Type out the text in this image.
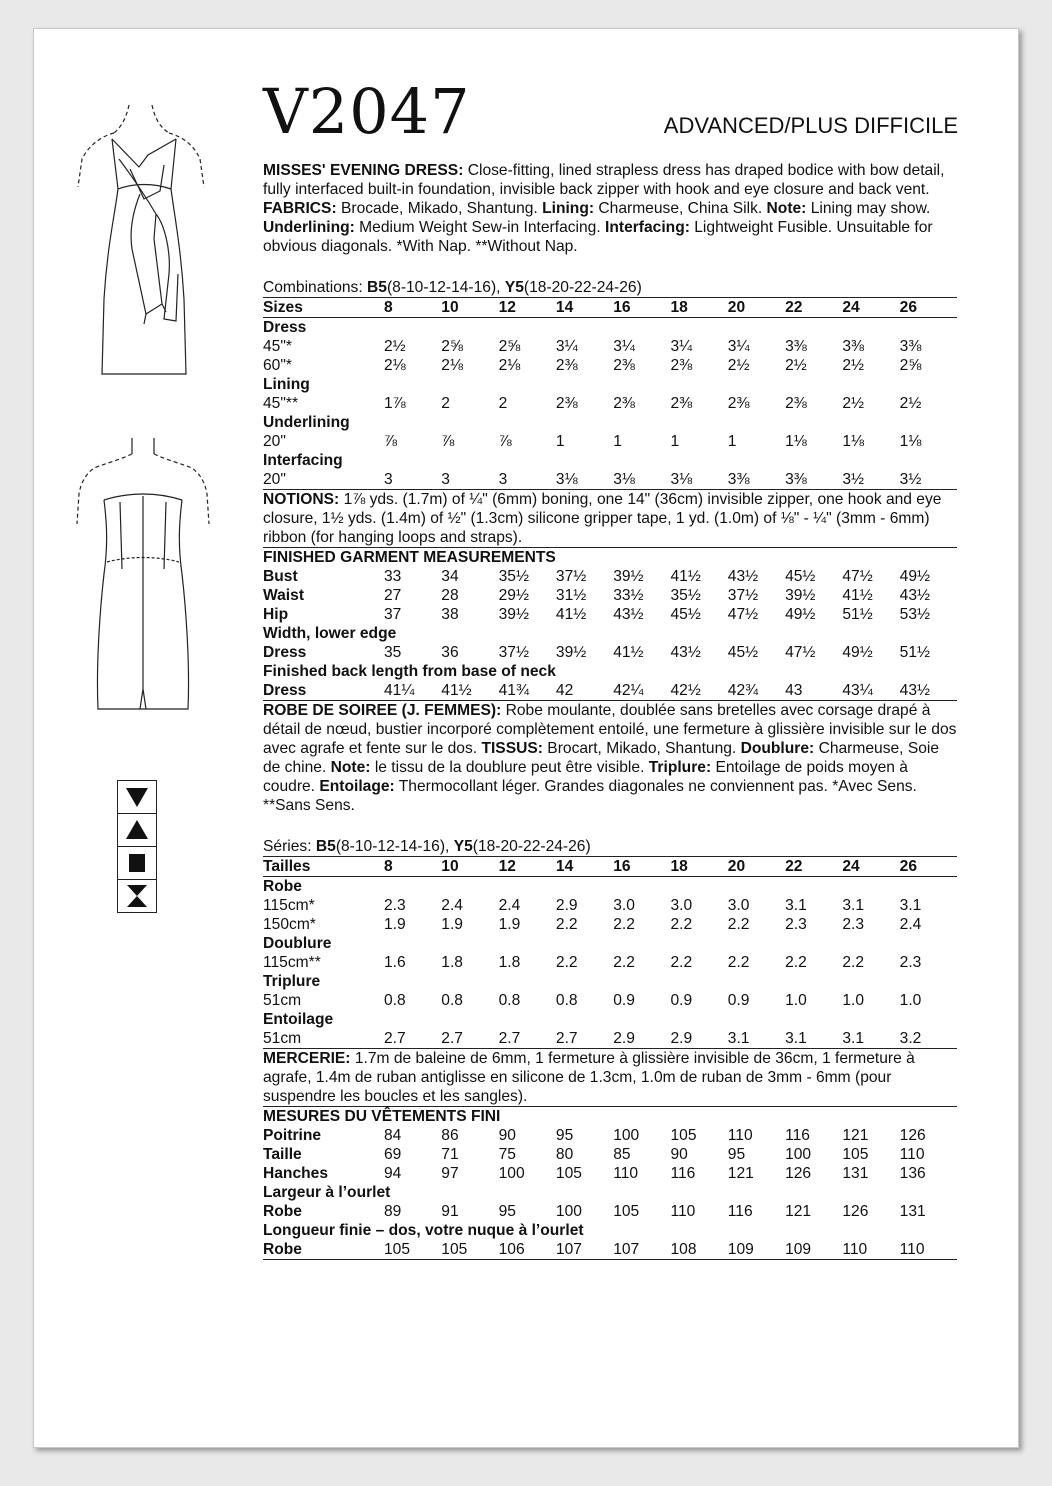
V2047	ADVANCED/PLUS DIFFICILE

MISSES' EVENING DRESS: Close-fitting, lined strapless dress has draped bodice with bow detail, fully interfaced built-in foundation, invisible back zipper with hook and eye closure and back vent. FABRICS: Brocade, Mikado, Shantung. Lining: Charmeuse, China Silk. Note: Lining may show. Underlining: Medium Weight Sew-in Interfacing. Interfacing: Lightweight Fusible. Unsuitable for obvious diagonals. *With Nap. **Without Nap.

Combinations: B5(8-10-12-14-16), Y5(18-20-22-24-26)

Sizes	8	10	12	14	16	18	20	22	24	26
Dress										
45"*	2½	2⅝	2⅝	3¼	3¼	3¼	3¼	3⅜	3⅜	3⅜
60"*	2⅛	2⅛	2⅛	2⅜	2⅜	2⅜	2½	2½	2½	2⅝
Lining										
45"**	1⅞	2	2	2⅜	2⅜	2⅜	2⅜	2⅜	2½	2½
Underlining										
20"	⅞	⅞	⅞	1	1	1	1	1⅛	1⅛	1⅛
Interfacing										
20"	3	3	3	3⅛	3⅛	3⅛	3⅜	3⅜	3½	3½

NOTIONS: 1⅞ yds. (1.7m) of ¼" (6mm) boning, one 14" (36cm) invisible zipper, one hook and eye closure, 1½ yds. (1.4m) of ½" (1.3cm) silicone gripper tape, 1 yd. (1.0m) of ⅛" - ¼" (3mm - 6mm) ribbon (for hanging loops and straps).

FINISHED GARMENT MEASUREMENTS										
Bust	33	34	35½	37½	39½	41½	43½	45½	47½	49½
Waist	27	28	29½	31½	33½	35½	37½	39½	41½	43½
Hip	37	38	39½	41½	43½	45½	47½	49½	51½	53½
Width, lower edge										
Dress	35	36	37½	39½	41½	43½	45½	47½	49½	51½
Finished back length from base of neck										
Dress	41¼	41½	41¾	42	42¼	42½	42¾	43	43¼	43½

ROBE DE SOIREE (J. FEMMES): Robe moulante, doublée sans bretelles avec corsage drapé à détail de nœud, bustier incorporé complètement entoilé, une fermeture à glissière invisible sur le dos avec agrafe et fente sur le dos. TISSUS: Brocart, Mikado, Shantung. Doublure: Charmeuse, Soie de chine. Note: le tissu de la doublure peut être visible. Triplure: Entoilage de poids moyen à coudre. Entoilage: Thermocollant léger. Grandes diagonales ne conviennent pas. *Avec Sens. **Sans Sens.

Séries: B5(8-10-12-14-16), Y5(18-20-22-24-26)

Tailles	8	10	12	14	16	18	20	22	24	26
Robe										
115cm*	2.3	2.4	2.4	2.9	3.0	3.0	3.0	3.1	3.1	3.1
150cm*	1.9	1.9	1.9	2.2	2.2	2.2	2.2	2.3	2.3	2.4
Doublure										
115cm**	1.6	1.8	1.8	2.2	2.2	2.2	2.2	2.2	2.2	2.3
Triplure										
51cm	0.8	0.8	0.8	0.8	0.9	0.9	0.9	1.0	1.0	1.0
Entoilage										
51cm	2.7	2.7	2.7	2.7	2.9	2.9	3.1	3.1	3.1	3.2

MERCERIE: 1.7m de baleine de 6mm, 1 fermeture à glissière invisible de 36cm, 1 fermeture à agrafe, 1.4m de ruban antiglisse en silicone de 1.3cm, 1.0m de ruban de 3mm - 6mm (pour suspendre les boucles et les sangles).

MESURES DU VÊTEMENTS FINI										
Poitrine	84	86	90	95	100	105	110	116	121	126
Taille	69	71	75	80	85	90	95	100	105	110
Hanches	94	97	100	105	110	116	121	126	131	136
Largeur à l’ourlet										
Robe	89	91	95	100	105	110	116	121	126	131
Longueur finie – dos, votre nuque à l’ourlet										
Robe	105	105	106	107	107	108	109	109	110	110
